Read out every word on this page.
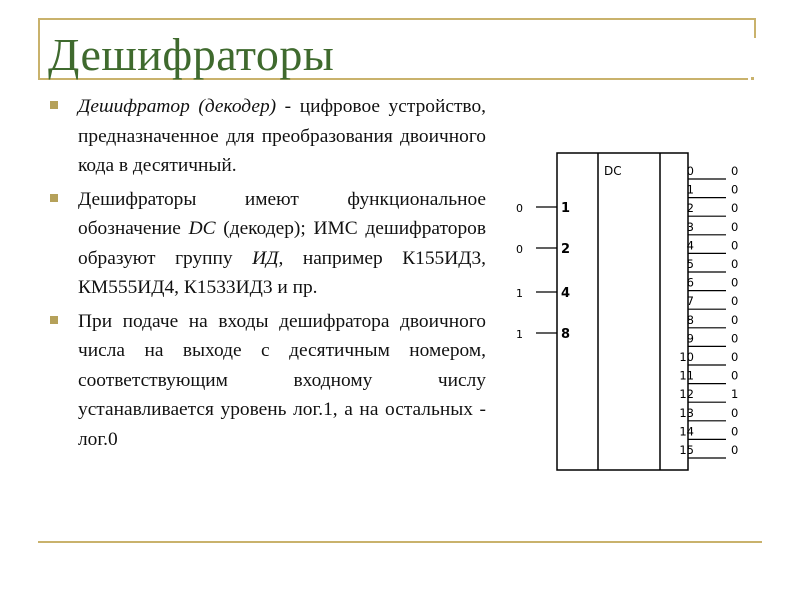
Дешифраторы
Дешифратор (декодер) - цифровое устройство, предназначенное для преобразования двоичного кода в десятичный.
Дешифраторы имеют функциональное обозначение DC (декодер); ИМС дешифраторов образуют группу ИД, например К155ИД3, КМ555ИД4, К1533ИД3 и пр.
При подаче на входы дешифратора двоичного числа на выходе с десятичным номером, соответствующим входному числу устанавливается уровень лог.1, а на остальных - лог.0
DC
0	1
0	2
1	4
1	8
0	0
1	0
2	0
3	0
4	0
5	0
6	0
7	0
8	0
9	0
10	0
11	0
12	1
13	0
14	0
15	0
